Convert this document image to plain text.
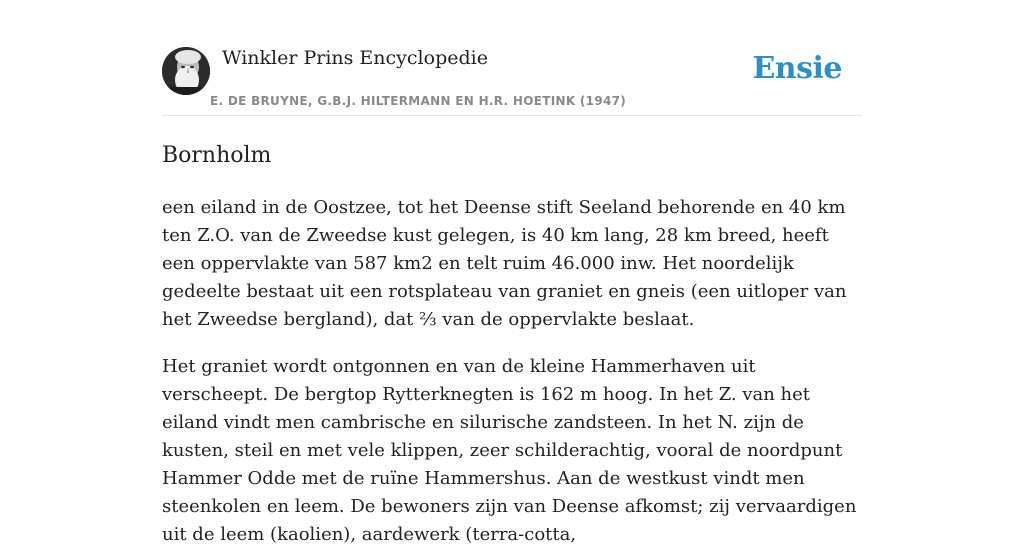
Winkler Prins Encyclopedie
E. DE BRUYNE, G.B.J. HILTERMANN EN H.R. HOETINK (1947)
Ensie
Bornholm

een eiland in de Oostzee, tot het Deense stift Seeland behorende en 40 km ten Z.O. van de Zweedse kust gelegen, is 40 km lang, 28 km breed, heeft een oppervlakte van 587 km2 en telt ruim 46.000 inw. Het noordelijk gedeelte bestaat uit een rotsplateau van graniet en gneis (een uitloper van het Zweedse bergland), dat ⅔ van de oppervlakte beslaat.

Het graniet wordt ontgonnen en van de kleine Hammerhaven uit verscheept. De bergtop Rytterknegten is 162 m hoog. In het Z. van het eiland vindt men cambrische en silurische zandsteen. In het N. zijn de kusten, steil en met vele klippen, zeer schilderachtig, vooral de noordpunt Hammer Odde met de ruïne Hammershus. Aan de westkust vindt men steenkolen en leem. De bewoners zijn van Deense afkomst; zij vervaardigen uit de leem (kaolien), aardewerk (terra-cotta,
